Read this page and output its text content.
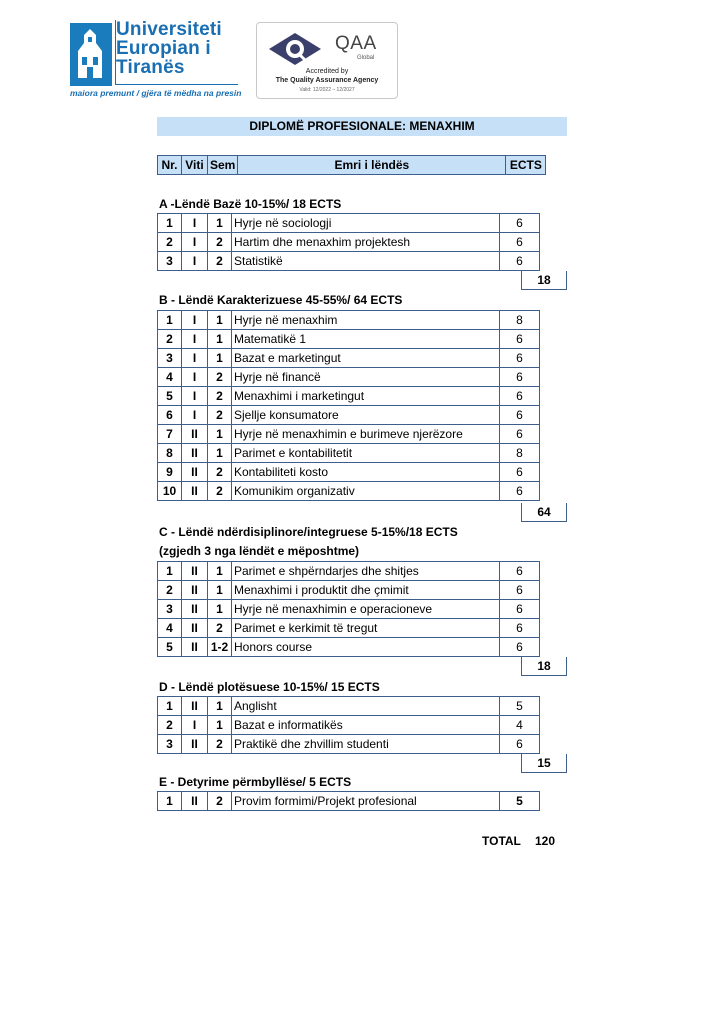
Universiteti
Europian i
Tiranës
maiora premunt / gjëra të mëdha na presin
QAA
Global
Accredited by
The Quality Assurance Agency
Valid: 12/2022 – 12/2027
DIPLOMË PROFESIONALE: MENAXHIM
Nr.	Viti	Sem	Emri i lëndës	ECTS
A -Lëndë Bazë 10-15%/ 18 ECTS
1	I	1	Hyrje në sociologji	6
2	I	2	Hartim dhe menaxhim projektesh	6
3	I	2	Statistikë	6
18
B - Lëndë Karakterizuese 45-55%/ 64 ECTS
1	I	1	Hyrje në menaxhim	8
2	I	1	Matematikë 1	6
3	I	1	Bazat e marketingut	6
4	I	2	Hyrje në financë	6
5	I	2	Menaxhimi i marketingut	6
6	I	2	Sjellje konsumatore	6
7	II	1	Hyrje në menaxhimin e burimeve njerëzore	6
8	II	1	Parimet e kontabilitetit	8
9	II	2	Kontabiliteti kosto	6
10	II	2	Komunikim organizativ	6
64
C - Lëndë ndërdisiplinore/integruese 5-15%/18 ECTS
(zgjedh 3 nga lëndët e mëposhtme)
1	II	1	Parimet e shpërndarjes dhe shitjes	6
2	II	1	Menaxhimi i produktit dhe çmimit	6
3	II	1	Hyrje në menaxhimin e operacioneve	6
4	II	2	Parimet e kerkimit të tregut	6
5	II	1-2	Honors course	6
18
D - Lëndë plotësuese 10-15%/ 15 ECTS
1	II	1	Anglisht	5
2	I	1	Bazat e informatikës	4
3	II	2	Praktikë dhe zhvillim studenti	6
15
E - Detyrime përmbyllëse/ 5 ECTS
1	II	2	Provim formimi/Projekt profesional	5
TOTAL 120
